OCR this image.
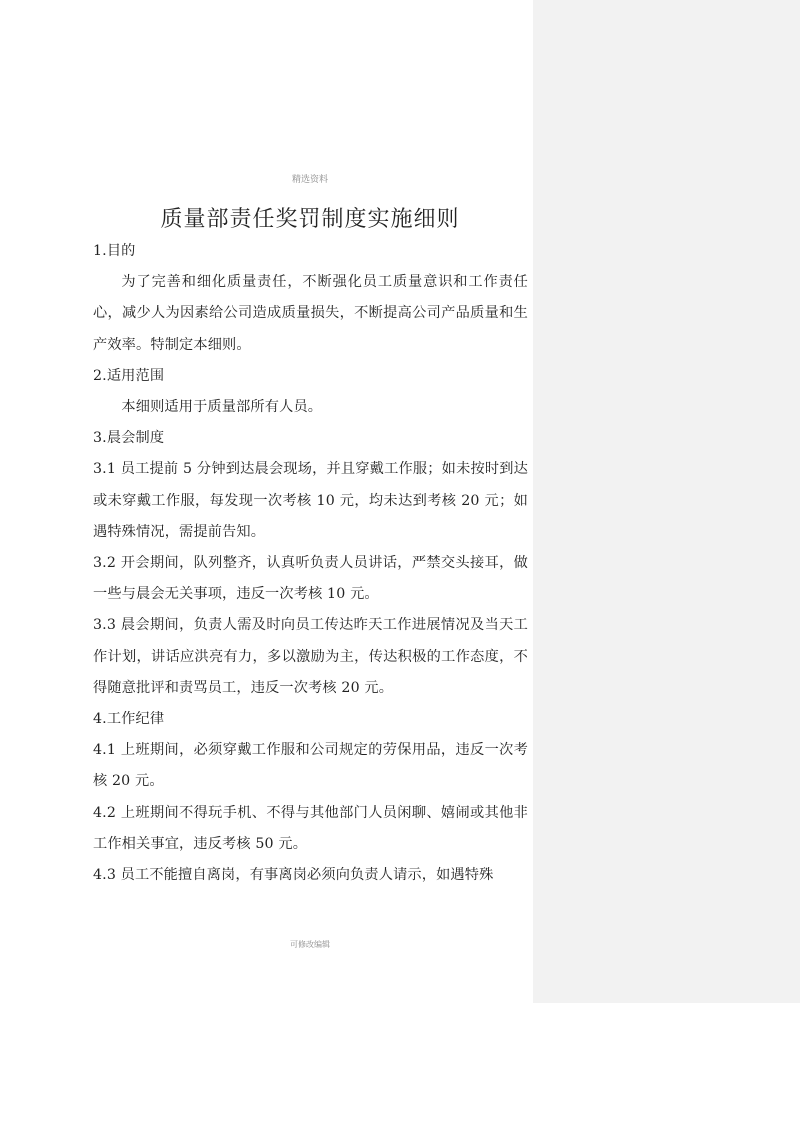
精选资料
质量部责任奖罚制度实施细则

1.目的

为了完善和细化质量责任，不断强化员工质量意识和工作责任心，减少人为因素给公司造成质量损失，不断提高公司产品质量和生产效率。特制定本细则。

2.适用范围

本细则适用于质量部所有人员。

3.晨会制度

3.1 员工提前 5 分钟到达晨会现场，并且穿戴工作服；如未按时到达或未穿戴工作服，每发现一次考核 10 元，均未达到考核 20 元；如遇特殊情况，需提前告知。

3.2 开会期间，队列整齐，认真听负责人员讲话，严禁交头接耳，做一些与晨会无关事项，违反一次考核 10 元。

3.3 晨会期间，负责人需及时向员工传达昨天工作进展情况及当天工作计划，讲话应洪亮有力，多以激励为主，传达积极的工作态度，不得随意批评和责骂员工，违反一次考核 20 元。

4.工作纪律

4.1 上班期间，必须穿戴工作服和公司规定的劳保用品，违反一次考核 20 元。

4.2 上班期间不得玩手机、不得与其他部门人员闲聊、嬉闹或其他非工作相关事宜，违反考核 50 元。

4.3 员工不能擅自离岗，有事离岗必须向负责人请示，如遇特殊

可修改编辑
